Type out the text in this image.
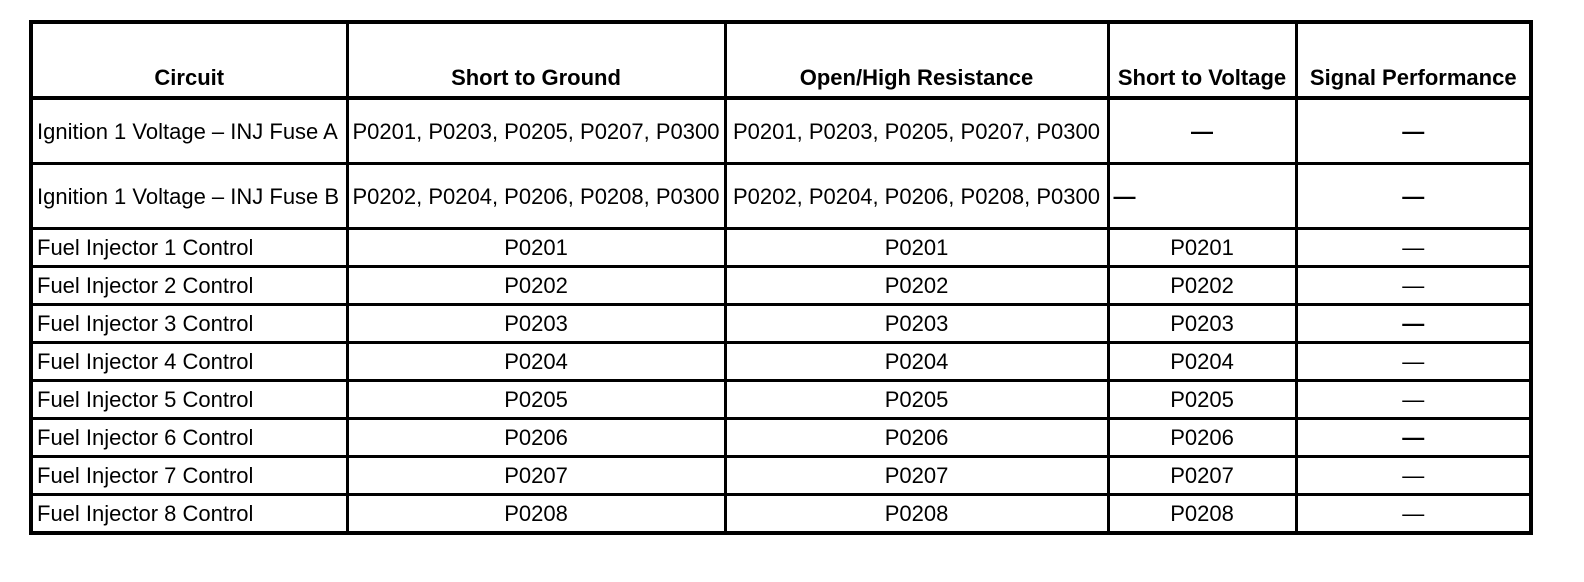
Circuit	Short to Ground	Open/High Resistance	Short to Voltage	Signal Performance
Ignition 1 Voltage – INJ Fuse A	P0201, P0203, P0205, P0207, P0300	P0201, P0203, P0205, P0207, P0300	—	—
Ignition 1 Voltage – INJ Fuse B	P0202, P0204, P0206, P0208, P0300	P0202, P0204, P0206, P0208, P0300	—	—
Fuel Injector 1 Control	P0201	P0201	P0201	—
Fuel Injector 2 Control	P0202	P0202	P0202	—
Fuel Injector 3 Control	P0203	P0203	P0203	—
Fuel Injector 4 Control	P0204	P0204	P0204	—
Fuel Injector 5 Control	P0205	P0205	P0205	—
Fuel Injector 6 Control	P0206	P0206	P0206	—
Fuel Injector 7 Control	P0207	P0207	P0207	—
Fuel Injector 8 Control	P0208	P0208	P0208	—
